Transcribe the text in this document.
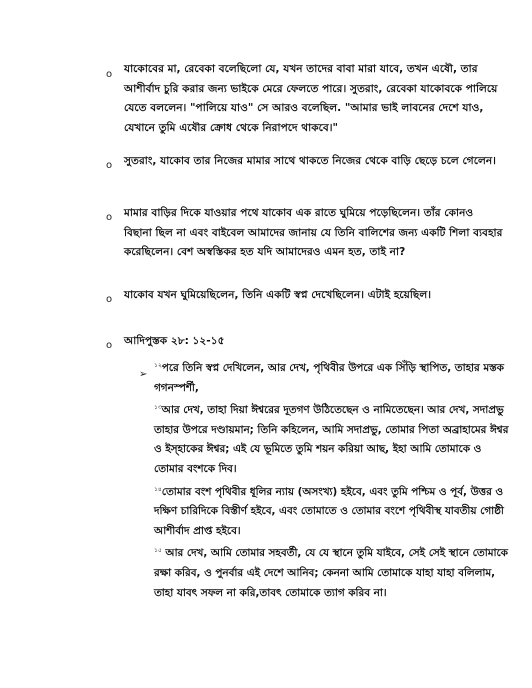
o যাকোবের মা, রেবেকা বলেছিলো যে, যখন তাদের বাবা মারা যাবে, তখন এষৌ, তার আশীর্বাদ চুরি করার জন্য ভাইকে মেরে ফেলতে পারে। সুতরাং, রেবেকা যাকোবকে পালিয়ে যেতে বললেন। "পালিয়ে যাও" সে আরও বলেছিল. "আমার ভাই লাবনের দেশে যাও, যেখানে তুমি এষৌর ক্রোধ থেকে নিরাপদে থাকবে।"
o সুতরাং, যাকোব তার নিজের মামার সাথে থাকতে নিজের থেকে বাড়ি ছেড়ে চলে গেলেন।
o মামার বাড়ির দিকে যাওয়ার পথে যাকোব এক রাতে ঘুমিয়ে পড়েছিলেন। তাঁর কোনও বিছানা ছিল না এবং বাইবেল আমাদের জানায় যে তিনি বালিশের জন্য একটি শিলা ব্যবহার করেছিলেন। বেশ অস্বস্তিকর হত যদি আমাদেরও এমন হত, তাই না?
o যাকোব যখন ঘুমিয়েছিলেন, তিনি একটি স্বপ্ন দেখেছিলেন। এটাই হয়েছিল।
o আদিপুস্তক ২৮: ১২-১৫
➢

$^{১২}$পরে তিনি স্বপ্ন দেখিলেন, আর দেখ, পৃথিবীর উপরে এক সিঁড়ি স্থাপিত, তাহার মস্তক গগনস্পর্শী,

$^{১৩}$আর দেখ, তাহা দিয়া ঈশ্বরের দূতগণ উঠিতেছেন ও নামিতেছেন। আর দেখ, সদাপ্রভু তাহার উপরে দণ্ডায়মান; তিনি কহিলেন, আমি সদাপ্রভু, তোমার পিতা অব্রাহামের ঈশ্বর ও ইস্‌হাকের ঈশ্বর; এই যে ভূমিতে তুমি শয়ন করিয়া আছ, ইহা আমি তোমাকে ও তোমার বংশকে দিব।

$^{১৪}$তোমার বংশ পৃথিবীর ধূলির ন্যায় (অসংখ্য) হইবে, এবং তুমি পশ্চিম ও পূর্ব, উত্তর ও দক্ষিণ চারিদিকে বিস্তীর্ণ হইবে, এবং তোমাতে ও তোমার বংশে পৃথিবীস্থ যাবতীয় গোষ্ঠী আশীর্বাদ প্রাপ্ত হইবে।

$^{১৫}$ আর দেখ, আমি তোমার সহবর্তী, যে যে স্থানে তুমি যাইবে, সেই সেই স্থানে তোমাকে রক্ষা করিব, ও পুনর্বার এই দেশে আনিব; কেননা আমি তোমাকে যাহা যাহা বলিলাম, তাহা যাবৎ সফল না করি,তাবৎ তোমাকে ত্যাগ করিব না।
